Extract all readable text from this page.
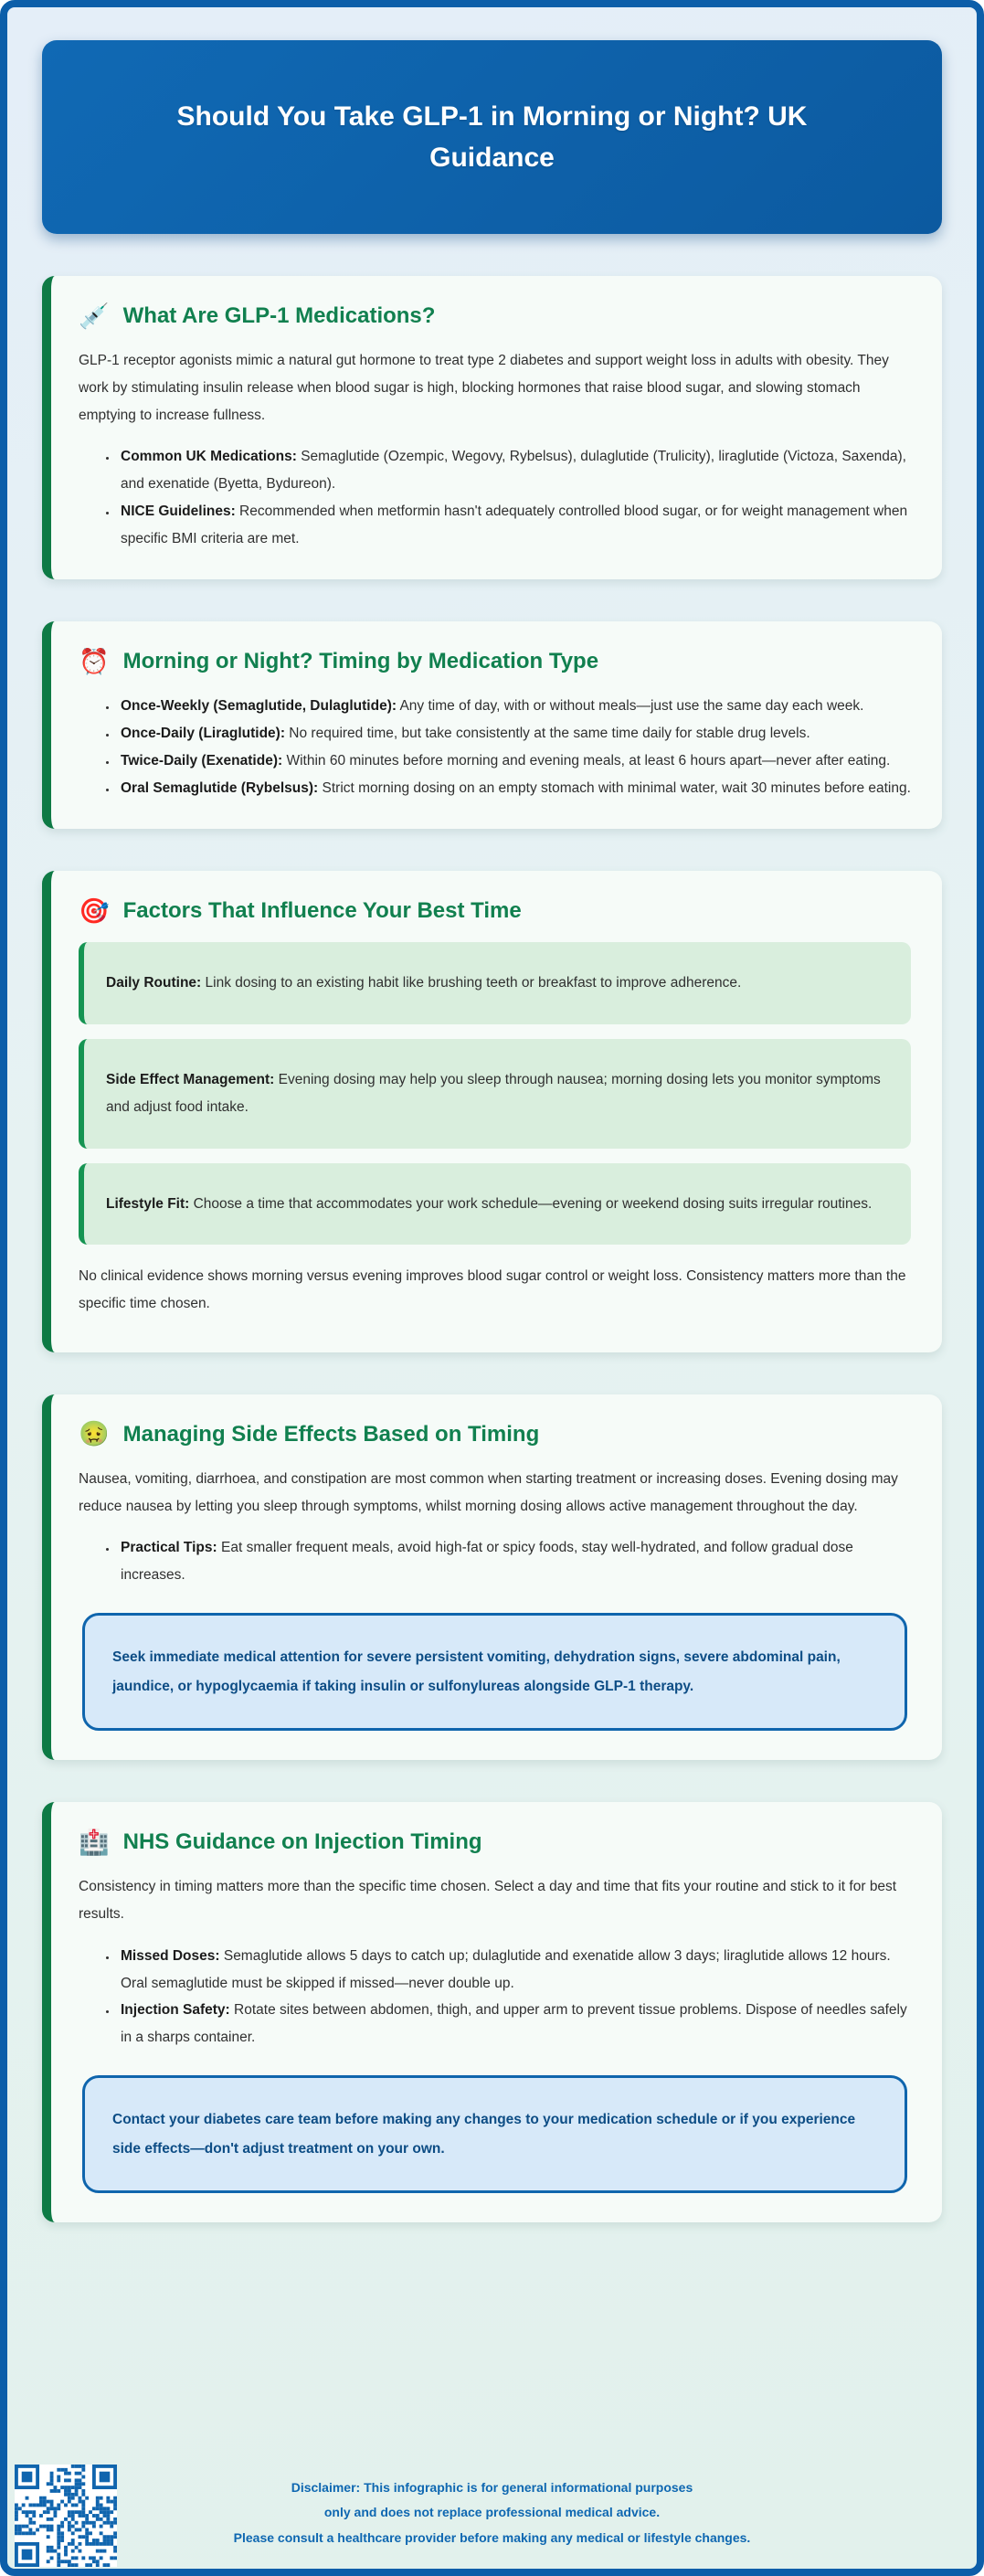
Should You Take GLP-1 in Morning or Night? UK Guidance
💉 What Are GLP-1 Medications?

GLP-1 receptor agonists mimic a natural gut hormone to treat type 2 diabetes and support weight loss in adults with obesity. They work by stimulating insulin release when blood sugar is high, blocking hormones that raise blood sugar, and slowing stomach emptying to increase fullness.

• Common UK Medications: Semaglutide (Ozempic, Wegovy, Rybelsus), dulaglutide (Trulicity), liraglutide (Victoza, Saxenda), and exenatide (Byetta, Bydureon).
• NICE Guidelines: Recommended when metformin hasn't adequately controlled blood sugar, or for weight management when specific BMI criteria are met.
⏰ Morning or Night? Timing by Medication Type
• Once-Weekly (Semaglutide, Dulaglutide): Any time of day, with or without meals—just use the same day each week.
• Once-Daily (Liraglutide): No required time, but take consistently at the same time daily for stable drug levels.
• Twice-Daily (Exenatide): Within 60 minutes before morning and evening meals, at least 6 hours apart—never after eating.
• Oral Semaglutide (Rybelsus): Strict morning dosing on an empty stomach with minimal water, wait 30 minutes before eating.
🎯 Factors That Influence Your Best Time
Daily Routine: Link dosing to an existing habit like brushing teeth or breakfast to improve adherence.
Side Effect Management: Evening dosing may help you sleep through nausea; morning dosing lets you monitor symptoms and adjust food intake.
Lifestyle Fit: Choose a time that accommodates your work schedule—evening or weekend dosing suits irregular routines.

No clinical evidence shows morning versus evening improves blood sugar control or weight loss. Consistency matters more than the specific time chosen.

🤢 Managing Side Effects Based on Timing

Nausea, vomiting, diarrhoea, and constipation are most common when starting treatment or increasing doses. Evening dosing may reduce nausea by letting you sleep through symptoms, whilst morning dosing allows active management throughout the day.

• Practical Tips: Eat smaller frequent meals, avoid high-fat or spicy foods, stay well-hydrated, and follow gradual dose increases.
Seek immediate medical attention for severe persistent vomiting, dehydration signs, severe abdominal pain, jaundice, or hypoglycaemia if taking insulin or sulfonylureas alongside GLP-1 therapy.
🏥 NHS Guidance on Injection Timing

Consistency in timing matters more than the specific time chosen. Select a day and time that fits your routine and stick to it for best results.

• Missed Doses: Semaglutide allows 5 days to catch up; dulaglutide and exenatide allow 3 days; liraglutide allows 12 hours. Oral semaglutide must be skipped if missed—never double up.
• Injection Safety: Rotate sites between abdomen, thigh, and upper arm to prevent tissue problems. Dispose of needles safely in a sharps container.
Contact your diabetes care team before making any changes to your medication schedule or if you experience side effects—don't adjust treatment on your own.
Disclaimer: This infographic is for general informational purposes
only and does not replace professional medical advice.
Please consult a healthcare provider before making any medical or lifestyle changes.
